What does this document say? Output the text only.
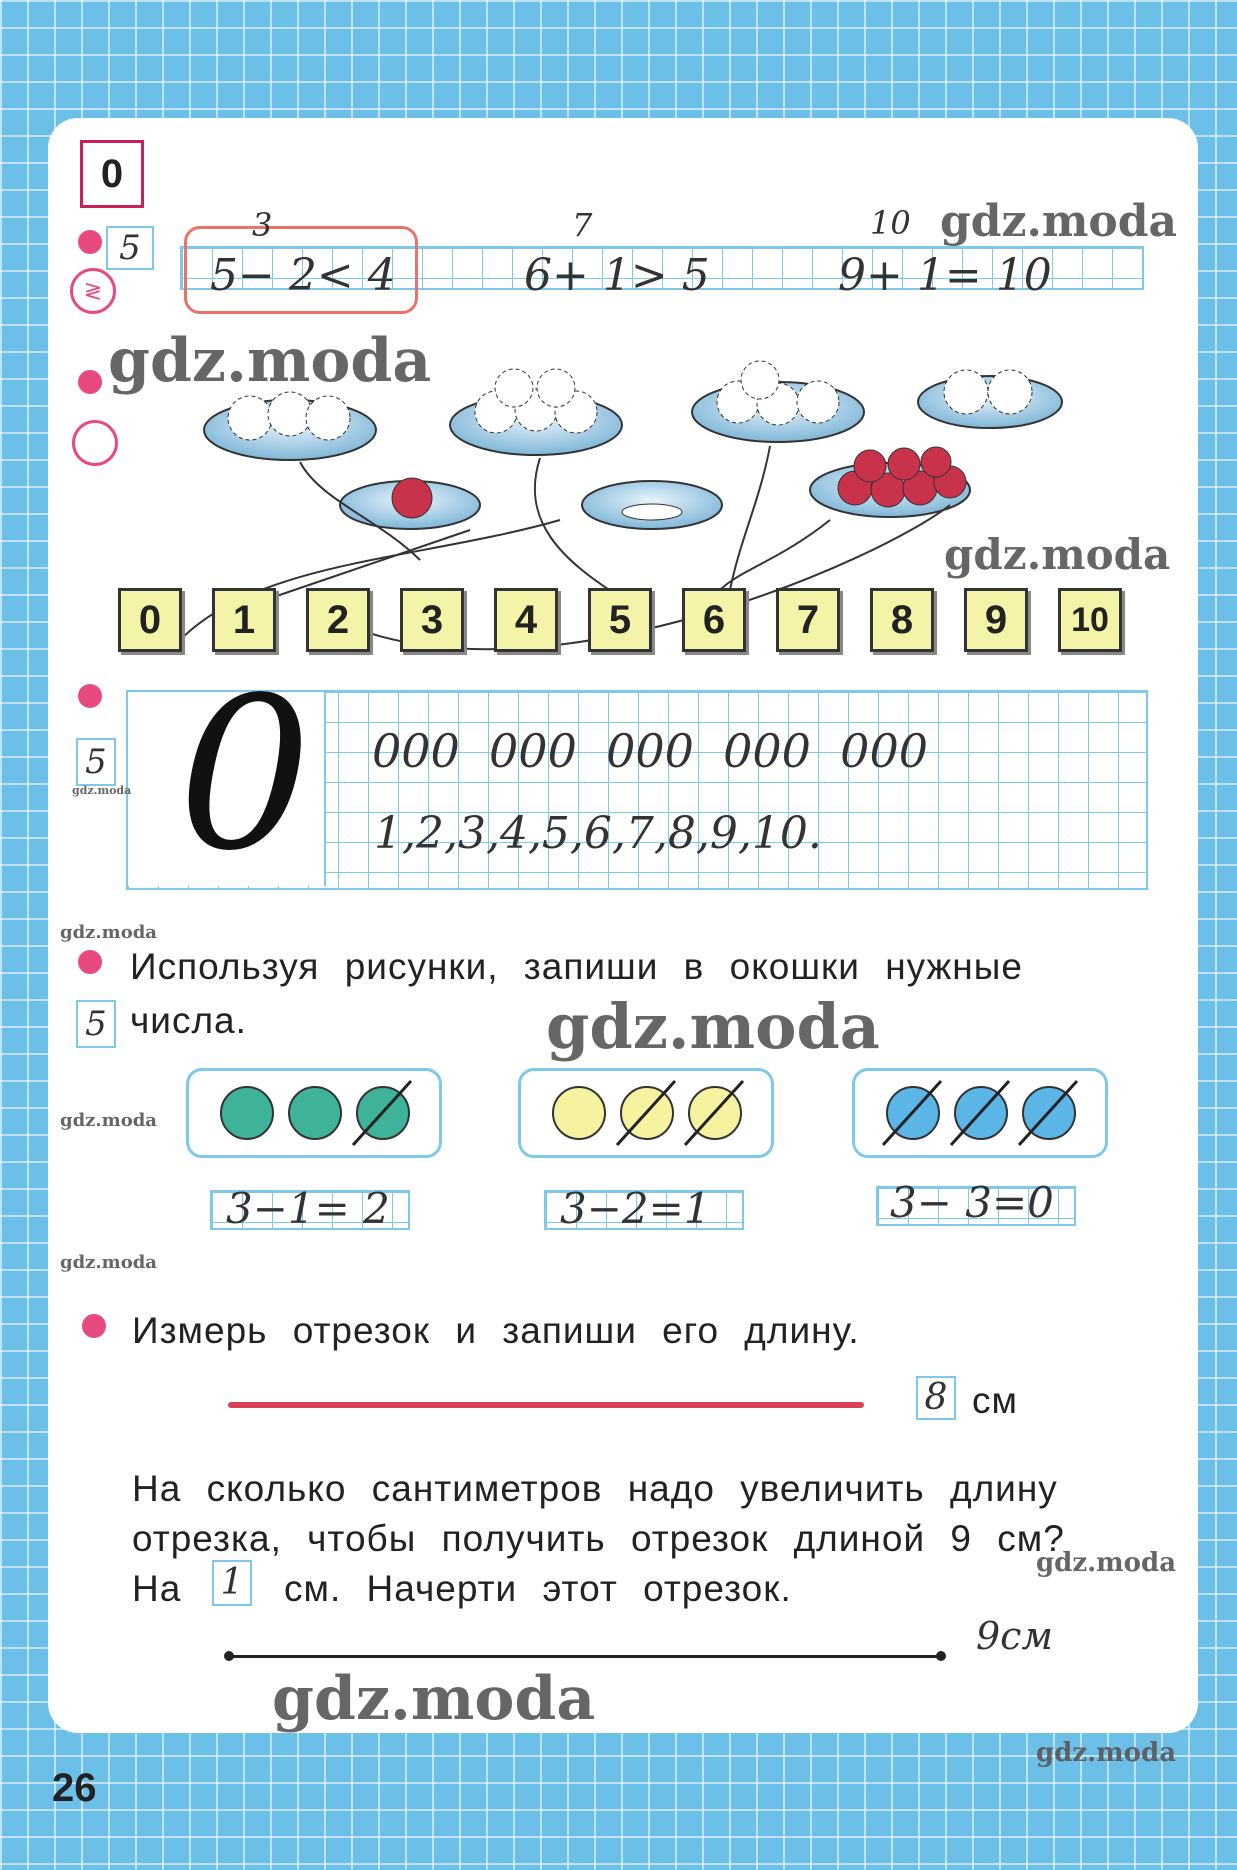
0
5
≷
3
5− 2< 4
7
6+ 1> 5
10
9+ 1= 10
0	1	2	3	4	5	6	7	8	9	10
5 0 000  000  000  000  000
1,2,3,4,5,6,7,8,9,10.
Используя рисунки, запиши в окошки нужные
5 числа.
3−1= 2	3−2=1	3− 3=0
Измерь отрезок и запиши его длину.
8 см
На сколько сантиметров надо увеличить длину
отрезка, чтобы получить отрезок длиной 9 см?
На 1 см. Начерти этот отрезок.
9см
gdz.moda
gdz.moda
gdz.moda
gdz.moda
gdz.moda
gdz.moda
gdz.moda
gdz.moda
gdz.moda
gdz.moda
gdz.moda
26
